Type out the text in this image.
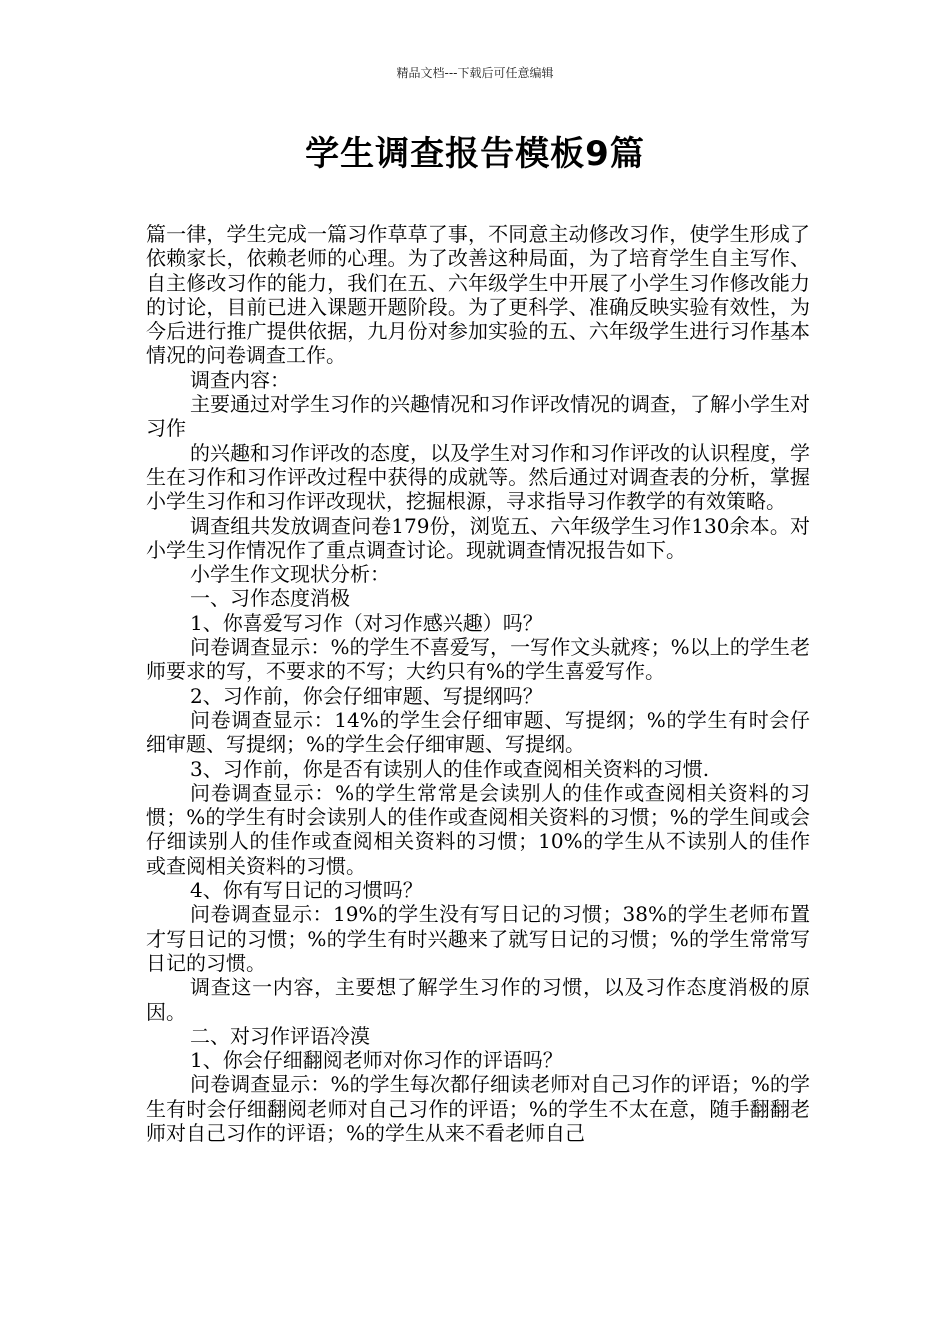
精品文档---下载后可任意编辑
学生调查报告模板9篇

篇一律，学生完成一篇习作草草了事，不同意主动修改习作，使学生形成了依赖家长，依赖老师的心理。为了改善这种局面，为了培育学生自主写作、自主修改习作的能力，我们在五、六年级学生中开展了小学生习作修改能力的讨论，目前已进入课题开题阶段。为了更科学、准确反映实验有效性，为今后进行推广提供依据，九月份对参加实验的五、六年级学生进行习作基本情况的问卷调查工作。

调查内容：

主要通过对学生习作的兴趣情况和习作评改情况的调查，了解小学生对习作

的兴趣和习作评改的态度，以及学生对习作和习作评改的认识程度，学生在习作和习作评改过程中获得的成就等。然后通过对调查表的分析，掌握小学生习作和习作评改现状，挖掘根源，寻求指导习作教学的有效策略。

调查组共发放调查问卷179份，浏览五、六年级学生习作130余本。对小学生习作情况作了重点调查讨论。现就调查情况报告如下。

小学生作文现状分析：

一、习作态度消极

1、你喜爱写习作（对习作感兴趣）吗？

问卷调查显示：%的学生不喜爱写，一写作文头就疼；%以上的学生老师要求的写，不要求的不写；大约只有%的学生喜爱写作。

2、习作前，你会仔细审题、写提纲吗？

问卷调查显示：14%的学生会仔细审题、写提纲；%的学生有时会仔细审题、写提纲；%的学生会仔细审题、写提纲。

3、习作前，你是否有读别人的佳作或查阅相关资料的习惯.

问卷调查显示：%的学生常常是会读别人的佳作或查阅相关资料的习惯；%的学生有时会读别人的佳作或查阅相关资料的习惯；%的学生间或会仔细读别人的佳作或查阅相关资料的习惯；10%的学生从不读别人的佳作或查阅相关资料的习惯。

4、你有写日记的习惯吗？

问卷调查显示：19%的学生没有写日记的习惯；38%的学生老师布置才写日记的习惯；%的学生有时兴趣来了就写日记的习惯；%的学生常常写日记的习惯。

调查这一内容，主要想了解学生习作的习惯，以及习作态度消极的原因。

二、对习作评语冷漠

1、你会仔细翻阅老师对你习作的评语吗？

问卷调查显示：%的学生每次都仔细读老师对自己习作的评语；%的学生有时会仔细翻阅老师对自己习作的评语；%的学生不太在意，随手翻翻老师对自己习作的评语；%的学生从来不看老师自己
